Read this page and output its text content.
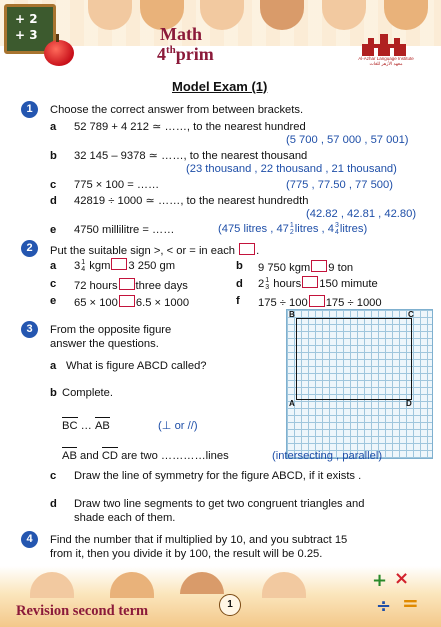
+ 2
+ 3	Math
4thprim	Al-Azhar Language Institute
معهد الأزهر للغات
Model Exam (1)
1	Choose the correct answer from between brackets.
a 52 789 + 4 212 ≃ ……, to the nearest hundred
(5 700 , 57 000 , 57 001)
b 32 145 – 9378 ≃ ……, to the nearest thousand
(23 thousand , 22 thousand , 21 thousand)
c 775 × 100 = ……	(775 , 77.50 , 77 500)
d 42819 ÷ 1000 ≃ ……, to the nearest hundredth
(42.82 , 42.81 , 42.80)
e 4750 millilitre = ……	(475 litres , 47 1
2 litres , 4 3
4 litres)
2	Put the suitable sign >, < or = in each .
a 3 1
4 kgm 3 250 gm	b 9 750 kgm 9 ton
c 72 hours three days	d 2 1
3 hours 150 mimute
e 65 × 100 6.5 × 1000	f 175 ÷ 100 175 ÷ 1000
3	From the opposite figure
answer the questions.
B	C
A	D
a What is figure ABCD called?
b Complete.
BC … AB	(⊥ or //)
AB and CD are two …………lines	(intersecting , parallel)
c Draw the line of symmetry for the figure ABCD, if it exists .
d Draw two line segments to get two congruent triangles and
shade each of them.
4	Find the number that if multiplied by 10, and you subtract 15
from it, then you divide it by 100, the result will be 0.25.
+ ×
÷ =
Revision second term	1
